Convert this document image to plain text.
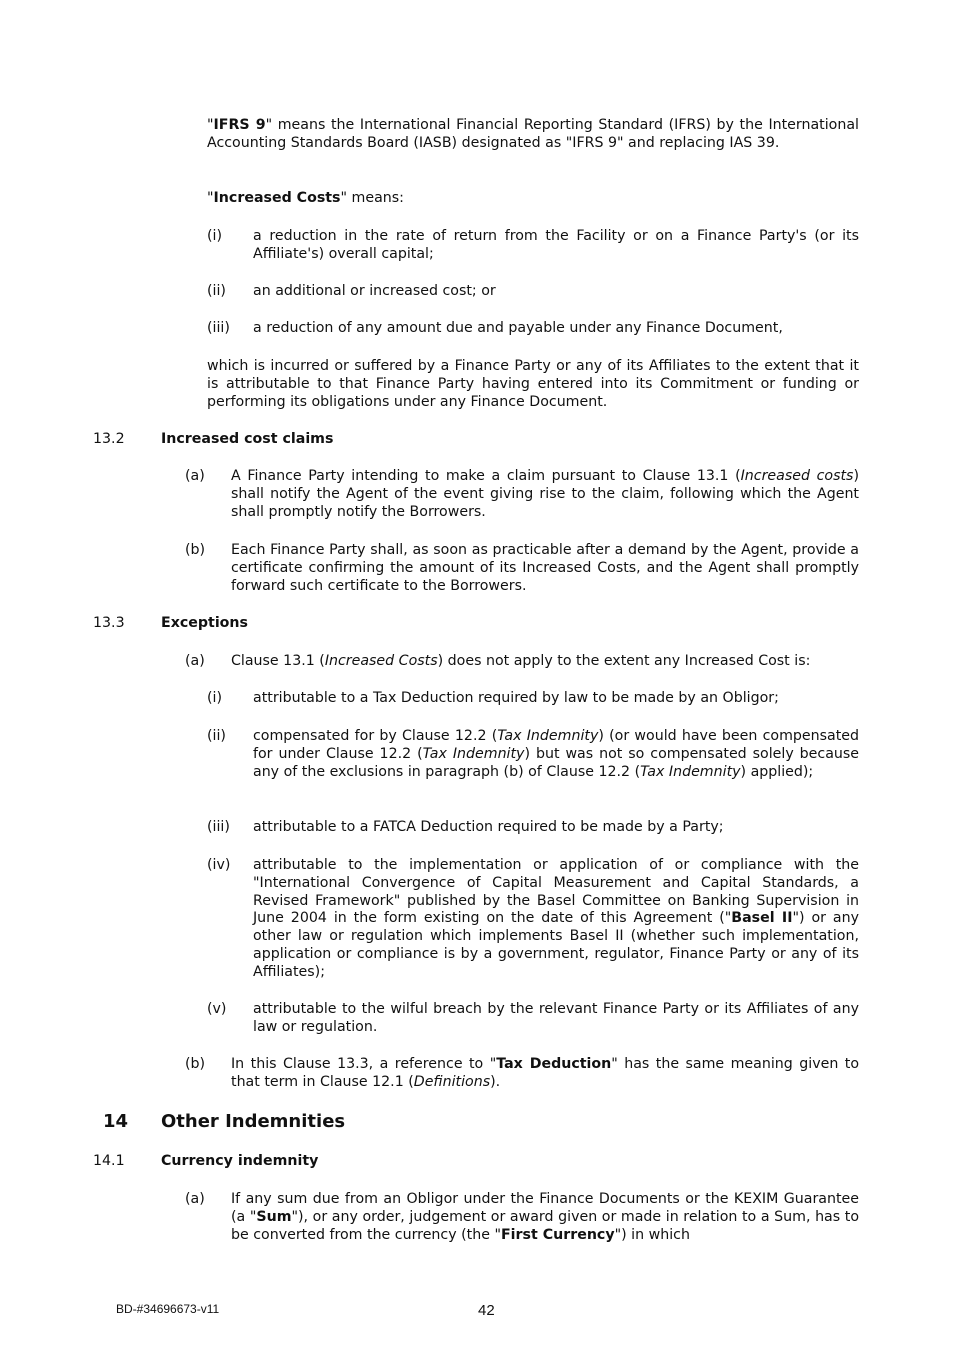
"IFRS 9" means the International Financial Reporting Standard (IFRS) by the International Accounting Standards Board (IASB) designated as "IFRS 9" and replacing IAS 39.

"Increased Costs" means:

(i) a reduction in the rate of return from the Facility or on a Finance Party's (or its Affiliate's) overall capital;

(ii) an additional or increased cost; or

(iii) a reduction of any amount due and payable under any Finance Document,

which is incurred or suffered by a Finance Party or any of its Affiliates to the extent that it is attributable to that Finance Party having entered into its Commitment or funding or performing its obligations under any Finance Document.

13.2	Increased cost claims
(a) A Finance Party intending to make a claim pursuant to Clause 13.1 (Increased costs) shall notify the Agent of the event giving rise to the claim, following which the Agent shall promptly notify the Borrowers.

(b) Each Finance Party shall, as soon as practicable after a demand by the Agent, provide a certificate confirming the amount of its Increased Costs, and the Agent shall promptly forward such certificate to the Borrowers.

13.3	Exceptions
(a) Clause 13.1 (Increased Costs) does not apply to the extent any Increased Cost is:

(i) attributable to a Tax Deduction required by law to be made by an Obligor;

(ii) compensated for by Clause 12.2 (Tax Indemnity) (or would have been compensated for under Clause 12.2 (Tax Indemnity) but was not so compensated solely because any of the exclusions in paragraph (b) of Clause 12.2 (Tax Indemnity) applied);

(iii) attributable to a FATCA Deduction required to be made by a Party;

(iv) attributable to the implementation or application of or compliance with the "International Convergence of Capital Measurement and Capital Standards, a Revised Framework" published by the Basel Committee on Banking Supervision in June 2004 in the form existing on the date of this Agreement ("Basel II") or any other law or regulation which implements Basel II (whether such implementation, application or compliance is by a government, regulator, Finance Party or any of its Affiliates);

(v) attributable to the wilful breach by the relevant Finance Party or its Affiliates of any law or regulation.

(b) In this Clause 13.3, a reference to "Tax Deduction" has the same meaning given to that term in Clause 12.1 (Definitions).

14 Other Indemnities
14.1	Currency indemnity
(a) If any sum due from an Obligor under the Finance Documents or the KEXIM Guarantee (a "Sum"), or any order, judgement or award given or made in relation to a Sum, has to be converted from the currency (the "First Currency") in which

BD-#34696673-v11	42
